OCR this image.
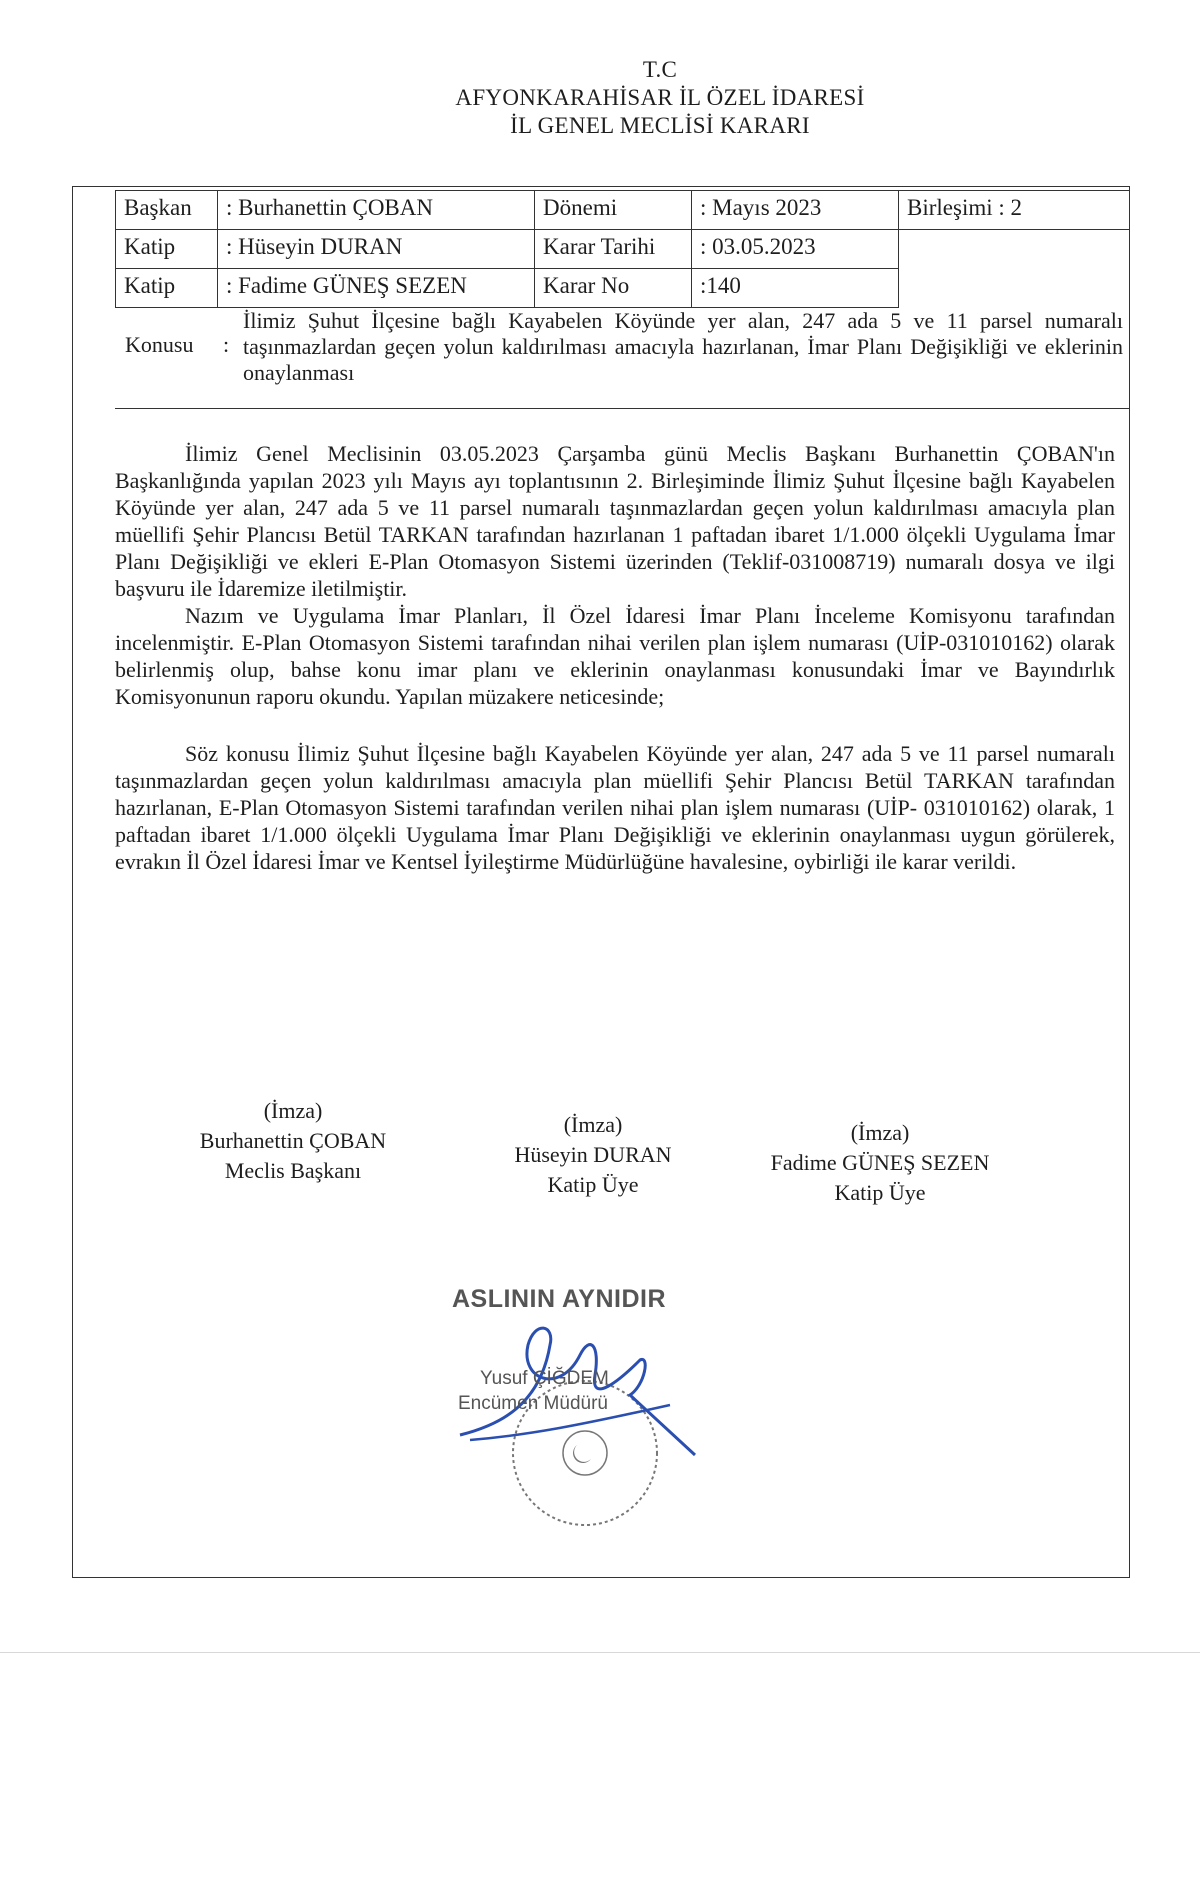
T.C
AFYONKARAHİSAR İL ÖZEL İDARESİ
İL GENEL MECLİSİ KARARI
Başkan	: Burhanettin ÇOBAN	Dönemi	: Mayıs 2023	Birleşimi : 2
Katip	: Hüseyin DURAN	Karar Tarihi	: 03.05.2023	
Katip	: Fadime GÜNEŞ SEZEN	Karar No	:140	
Konusu :
İlimiz Şuhut İlçesine bağlı Kayabelen Köyünde yer alan, 247 ada 5 ve 11 parsel numaralı taşınmazlardan geçen yolun kaldırılması amacıyla hazırlanan, İmar Planı Değişikliği ve eklerinin onaylanması

İlimiz Genel Meclisinin 03.05.2023 Çarşamba günü Meclis Başkanı Burhanettin ÇOBAN'ın Başkanlığında yapılan 2023 yılı Mayıs ayı toplantısının 2. Birleşiminde İlimiz Şuhut İlçesine bağlı Kayabelen Köyünde yer alan, 247 ada 5 ve 11 parsel numaralı taşınmazlardan geçen yolun kaldırılması amacıyla plan müellifi Şehir Plancısı Betül TARKAN tarafından hazırlanan 1 paftadan ibaret 1/1.000 ölçekli Uygulama İmar Planı Değişikliği ve ekleri E-Plan Otomasyon Sistemi üzerinden (Teklif-031008719) numaralı dosya ve ilgi başvuru ile İdaremize iletilmiştir.

Nazım ve Uygulama İmar Planları, İl Özel İdaresi İmar Planı İnceleme Komisyonu tarafından incelenmiştir. E-Plan Otomasyon Sistemi tarafından nihai verilen plan işlem numarası (UİP-031010162) olarak belirlenmiş olup, bahse konu imar planı ve eklerinin onaylanması konusundaki İmar ve Bayındırlık Komisyonunun raporu okundu. Yapılan müzakere neticesinde;

Söz konusu İlimiz Şuhut İlçesine bağlı Kayabelen Köyünde yer alan, 247 ada 5 ve 11 parsel numaralı taşınmazlardan geçen yolun kaldırılması amacıyla plan müellifi Şehir Plancısı Betül TARKAN tarafından hazırlanan, E-Plan Otomasyon Sistemi tarafından verilen nihai plan işlem numarası (UİP- 031010162) olarak, 1 paftadan ibaret 1/1.000 ölçekli Uygulama İmar Planı Değişikliği ve eklerinin onaylanması uygun görülerek, evrakın İl Özel İdaresi İmar ve Kentsel İyileştirme Müdürlüğüne havalesine, oybirliği ile karar verildi.

(İmza)
Burhanettin ÇOBAN
Meclis Başkanı
(İmza)
Hüseyin DURAN
Katip Üye
(İmza)
Fadime GÜNEŞ SEZEN
Katip Üye
ASLININ AYNIDIR
Yusuf ÇİĞDEM
Encümen Müdürü
